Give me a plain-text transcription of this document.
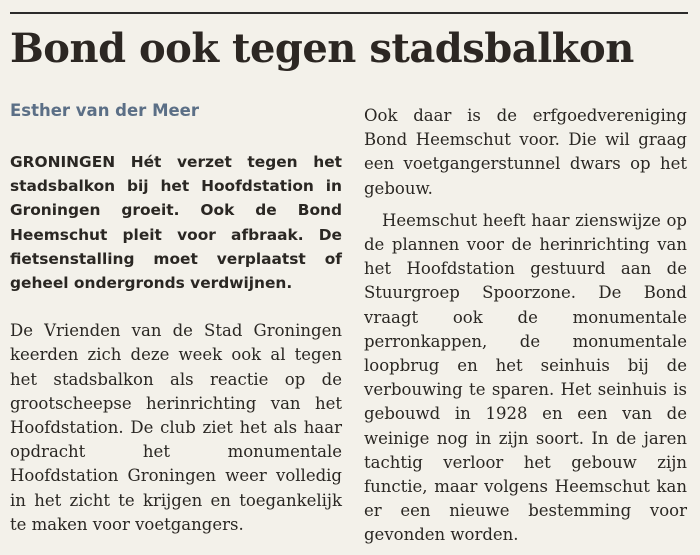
Bond ook tegen stadsbalkon
Esther van der Meer

GRONINGEN Hét verzet tegen het stadsbalkon bij het Hoofdstation in Groningen groeit. Ook de Bond Heemschut pleit voor afbraak. De fietsenstalling moet verplaatst of geheel ondergronds verdwijnen.

De Vrienden van de Stad Groningen keerden zich deze week ook al tegen het stadsbalkon als reactie op de grootscheepse herinrichting van het Hoofdstation. De club ziet het als haar opdracht het monumentale Hoofdstation Groningen weer volledig in het zicht te krijgen en toegankelijk te maken voor voetgangers.

Ook daar is de erfgoedvereniging Bond Heemschut voor. Die wil graag een voetgangerstunnel dwars op het gebouw.

Heemschut heeft haar zienswijze op de plannen voor de herinrichting van het Hoofdstation gestuurd aan de Stuurgroep Spoorzone. De Bond vraagt ook de monumentale perronkappen, de monumentale loopbrug en het seinhuis bij de verbouwing te sparen. Het seinhuis is gebouwd in 1928 en een van de weinige nog in zijn soort. In de jaren tachtig verloor het gebouw zijn functie, maar volgens Heemschut kan er een nieuwe bestemming voor gevonden worden.
